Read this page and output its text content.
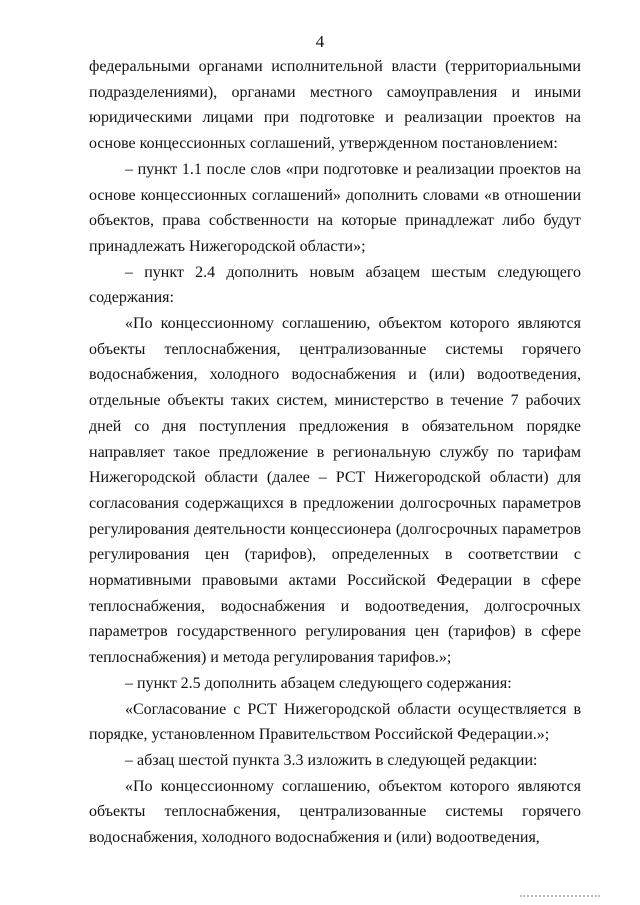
4

федеральными органами исполнительной власти (территориальными подразделениями), органами местного самоуправления и иными юридическими лицами при подготовке и реализации проектов на основе концессионных соглашений, утвержденном постановлением:

– пункт 1.1 после слов «при подготовке и реализации проектов на основе концессионных соглашений» дополнить словами «в отношении объектов, права собственности на которые принадлежат либо будут принадлежать Нижегородской области»;

– пункт 2.4 дополнить новым абзацем шестым следующего содержания:

«По концессионному соглашению, объектом которого являются объекты теплоснабжения, централизованные системы горячего водоснабжения, холодного водоснабжения и (или) водоотведения, отдельные объекты таких систем, министерство в течение 7 рабочих дней со дня поступления предложения в обязательном порядке направляет такое предложение в региональную службу по тарифам Нижегородской области (далее – РСТ Нижегородской области) для согласования содержащихся в предложении долгосрочных параметров регулирования деятельности концессионера (долгосрочных параметров регулирования цен (тарифов), определенных в соответствии с нормативными правовыми актами Российской Федерации в сфере теплоснабжения, водоснабжения и водоотведения, долгосрочных параметров государственного регулирования цен (тарифов) в сфере теплоснабжения) и метода регулирования тарифов.»;

– пункт 2.5 дополнить абзацем следующего содержания:

«Согласование с РСТ Нижегородской области осуществляется в порядке, установленном Правительством Российской Федерации.»;

– абзац шестой пункта 3.3 изложить в следующей редакции:

«По концессионному соглашению, объектом которого являются объекты теплоснабжения, централизованные системы горячего водоснабжения, холодного водоснабжения и (или) водоотведения,
